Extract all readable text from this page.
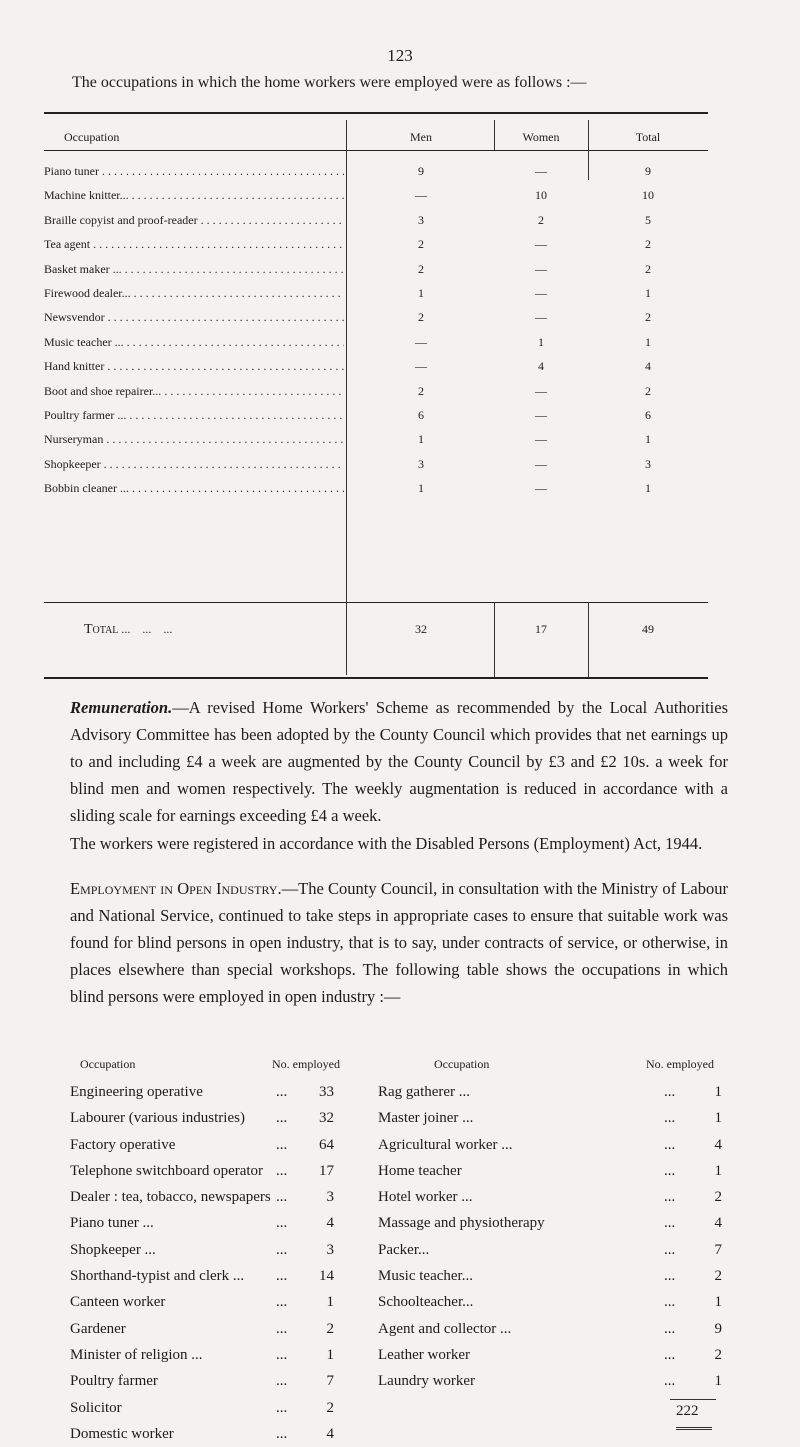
123
The occupations in which the home workers were employed were as follows :—
Occupation	Men	Women	Total
Piano tuner . . .	9	—	9
Machine knitter... . . .	—	10	10
Braille copyist and proof-reader . . .	3	2	5
Tea agent . . .	2	—	2
Basket maker ... . . .	2	—	2
Firewood dealer... . . .	1	—	1
Newsvendor . . .	2	—	2
Music teacher ... . . .	—	1	1
Hand knitter . . .	—	4	4
Boot and shoe repairer... . . .	2	—	2
Poultry farmer ... . . .	6	—	6
Nurseryman . . .	1	—	1
Shopkeeper . . .	3	—	3
Bobbin cleaner ... . . .	1	—	1
Total ...	32	17	49
Remuneration.—A revised Home Workers' Scheme as recommended by the Local Authorities Advisory Committee has been adopted by the County Council which provides that net earnings up to and including £4 a week are augmented by the County Council by £3 and £2 10s. a week for blind men and women respectively. The weekly augmentation is reduced in accordance with a sliding scale for earnings exceeding £4 a week.
The workers were registered in accordance with the Disabled Persons (Employment) Act, 1944.
Employment in Open Industry.—The County Council, in consultation with the Ministry of Labour and National Service, continued to take steps in appropriate cases to ensure that suitable work was found for blind persons in open industry, that is to say, under contracts of service, or otherwise, in places elsewhere than special workshops. The following table shows the occupations in which blind persons were employed in open industry :—
Occupation	No. employed	Occupation	No. employed
Engineering operative	...	33
Labourer (various industries) ...	32
Factory operative	...	64
Telephone switchboard operator ...	17
Dealer : tea, tobacco, newspapers ...	3
Piano tuner ...	...	4
Shopkeeper ...	...	3
Shorthand-typist and clerk ... ...	14
Canteen worker	...	1
Gardener	...	2
Minister of religion ...	...	1
Poultry farmer	...	7
Solicitor	...	2
Domestic worker	...	4
Rag gatherer ...	...	1
Master joiner ...	...	1
Agricultural worker ...	...	4
Home teacher	...	1
Hotel worker ...	...	2
Massage and physiotherapy	...	4
Packer...	...	7
Music teacher...	...	2
Schoolteacher...	...	1
Agent and collector ...	...	9
Leather worker	...	2
Laundry worker	...	1
222
